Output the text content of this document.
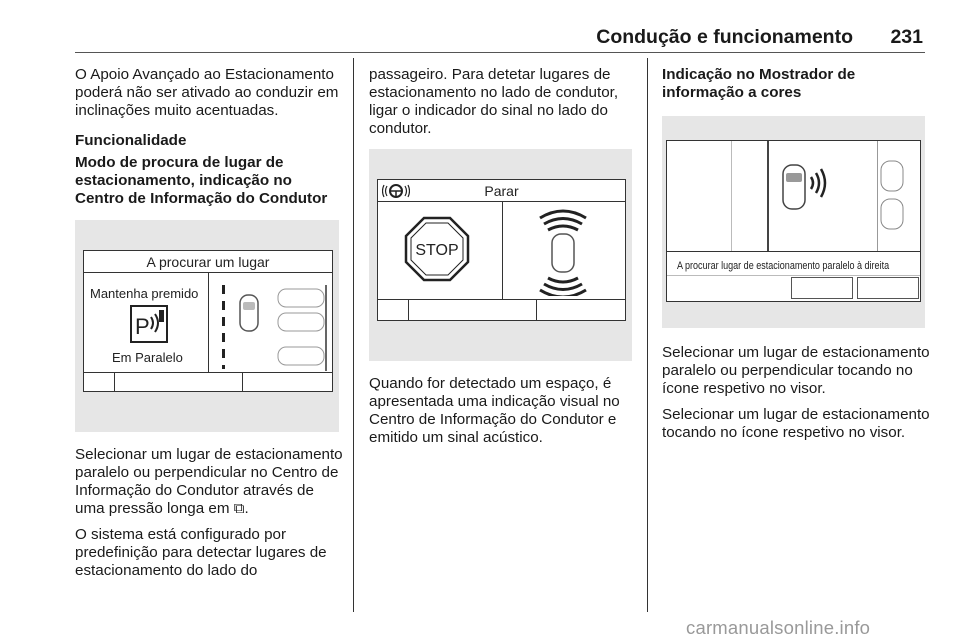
Condução e funcionamento 231

O Apoio Avançado ao Estacionamento poderá não ser ativado ao conduzir em inclinações muito acentuadas.

Funcionalidade

Modo de procura de lugar de estacionamento, indicação no Centro de Informação do Condutor

A procurar um lugar
Mantenha premido
P
Em Paralelo

Selecionar um lugar de estacionamento paralelo ou perpendicular no Centro de Informação do Condutor através de uma pressão longa em ⧉.

O sistema está configurado por predefinição para detectar lugares de estacionamento do lado do

passageiro. Para detetar lugares de estacionamento no lado de condutor, ligar o indicador do sinal no lado do condutor.

Parar
STOP

Quando for detectado um espaço, é apresentada uma indicação visual no Centro de Informação do Condutor e emitido um sinal acústico.

Indicação no Mostrador de informação a cores

A procurar lugar de estacionamento paralelo à direita

Selecionar um lugar de estacionamento paralelo ou perpendicular tocando no ícone respetivo no visor.

Selecionar um lugar de estacionamento tocando no ícone respetivo no visor.

carmanualsonline.info
